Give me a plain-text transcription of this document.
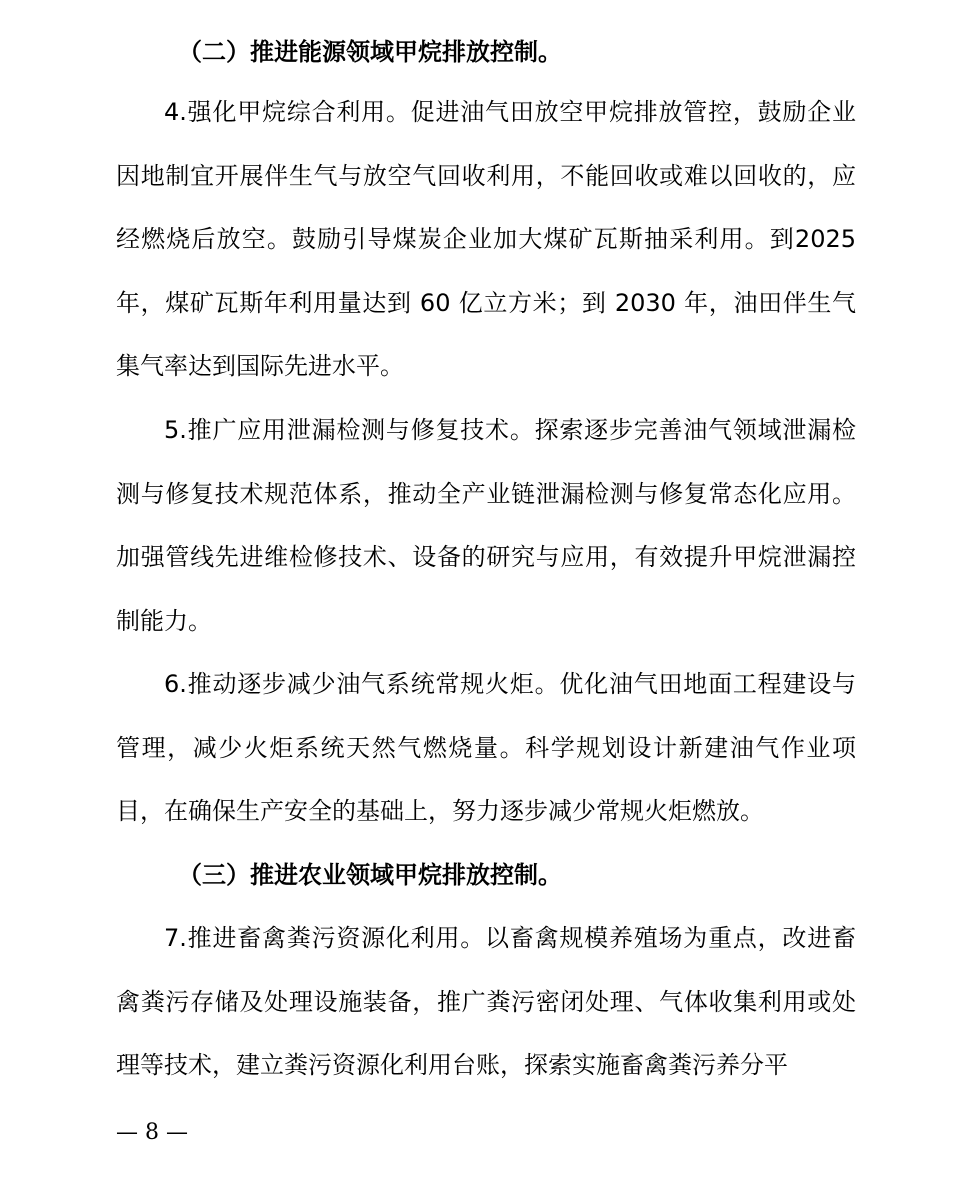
（二）推进能源领域甲烷排放控制。

4.强化甲烷综合利用。促进油气田放空甲烷排放管控，鼓励企业因地制宜开展伴生气与放空气回收利用，不能回收或难以回收的，应经燃烧后放空。鼓励引导煤炭企业加大煤矿瓦斯抽采利用。到2025年，煤矿瓦斯年利用量达到 60 亿立方米；到 2030 年，油田伴生气集气率达到国际先进水平。

5.推广应用泄漏检测与修复技术。探索逐步完善油气领域泄漏检测与修复技术规范体系，推动全产业链泄漏检测与修复常态化应用。加强管线先进维检修技术、设备的研究与应用，有效提升甲烷泄漏控制能力。

6.推动逐步减少油气系统常规火炬。优化油气田地面工程建设与管理，减少火炬系统天然气燃烧量。科学规划设计新建油气作业项目，在确保生产安全的基础上，努力逐步减少常规火炬燃放。

（三）推进农业领域甲烷排放控制。

7.推进畜禽粪污资源化利用。以畜禽规模养殖场为重点，改进畜禽粪污存储及处理设施装备，推广粪污密闭处理、气体收集利用或处理等技术，建立粪污资源化利用台账，探索实施畜禽粪污养分平

— 8 —
